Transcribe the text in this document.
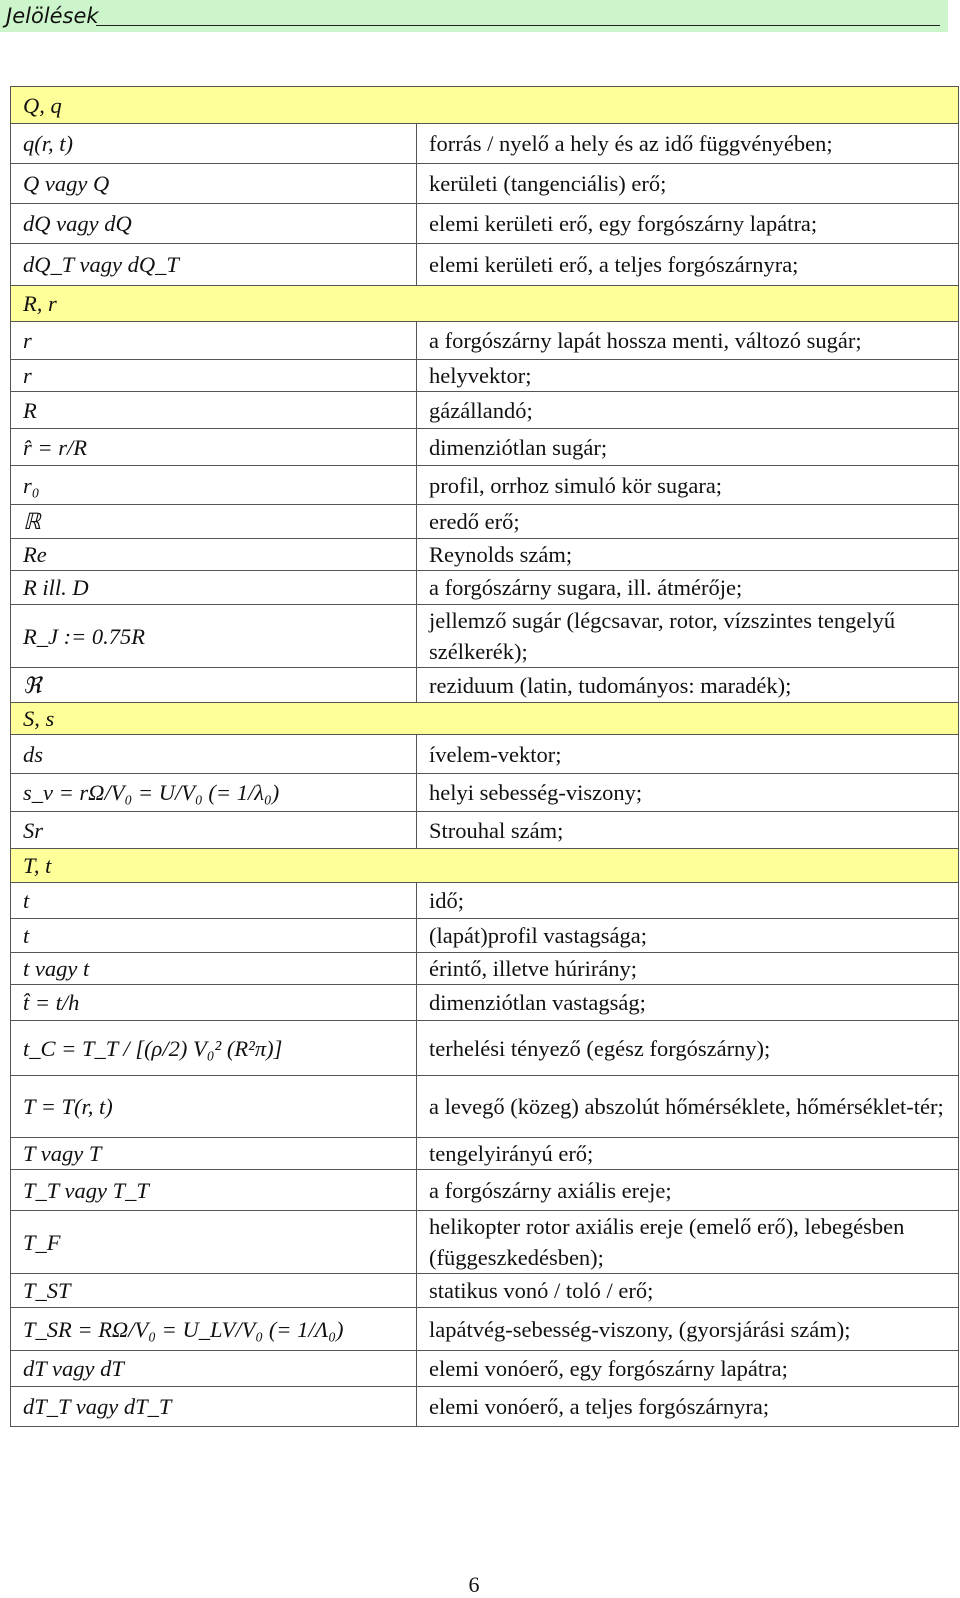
Jelölések
Q, q	
q(r, t)	forrás / nyelő a hely és az idő függvényében;
Q vagy Q	kerületi (tangenciális) erő;
dQ vagy dQ	elemi kerületi erő, egy forgószárny lapátra;
dQ_T vagy dQ_T	elemi kerületi erő, a teljes forgószárnyra;
R, r	
r	a forgószárny lapát hossza menti, változó sugár;
r	helyvektor;
R	gázállandó;
r̂ = r/R	dimenziótlan sugár;
r₀	profil, orrhoz simuló kör sugara;
ℝ	eredő erő;
Re	Reynolds szám;
R ill. D	a forgószárny sugara, ill. átmérője;
R_J := 0.75R	jellemző sugár (légcsavar, rotor, vízszintes tengelyű szélkerék);
ℜ	reziduum (latin, tudományos: maradék);
S, s	
ds	ívelem-vektor;
s_v = rΩ/V₀ = U/V₀ (= 1/λ₀)	helyi sebesség-viszony;
Sr	Strouhal szám;
T, t	
t	idő;
t	(lapát)profil vastagsága;
t vagy t	érintő, illetve húrirány;
t̂ = t/h	dimenziótlan vastagság;
t_C = T_T / [(ρ/2) V₀² (R²π)]	terhelési tényező (egész forgószárny);
T = T(r, t)	a levegő (közeg) abszolút hőmérséklete, hőmérséklet-tér;
T vagy T	tengelyirányú erő;
T_T vagy T_T	a forgószárny axiális ereje;
T_F	helikopter rotor axiális ereje (emelő erő), lebegésben (függeszkedésben);
T_ST	statikus vonó / toló / erő;
T_SR = RΩ/V₀ = U_LV/V₀ (= 1/Λ₀)	lapátvég-sebesség-viszony, (gyorsjárási szám);
dT vagy dT	elemi vonóerő, egy forgószárny lapátra;
dT_T vagy dT_T	elemi vonóerő, a teljes forgószárnyra;
6
